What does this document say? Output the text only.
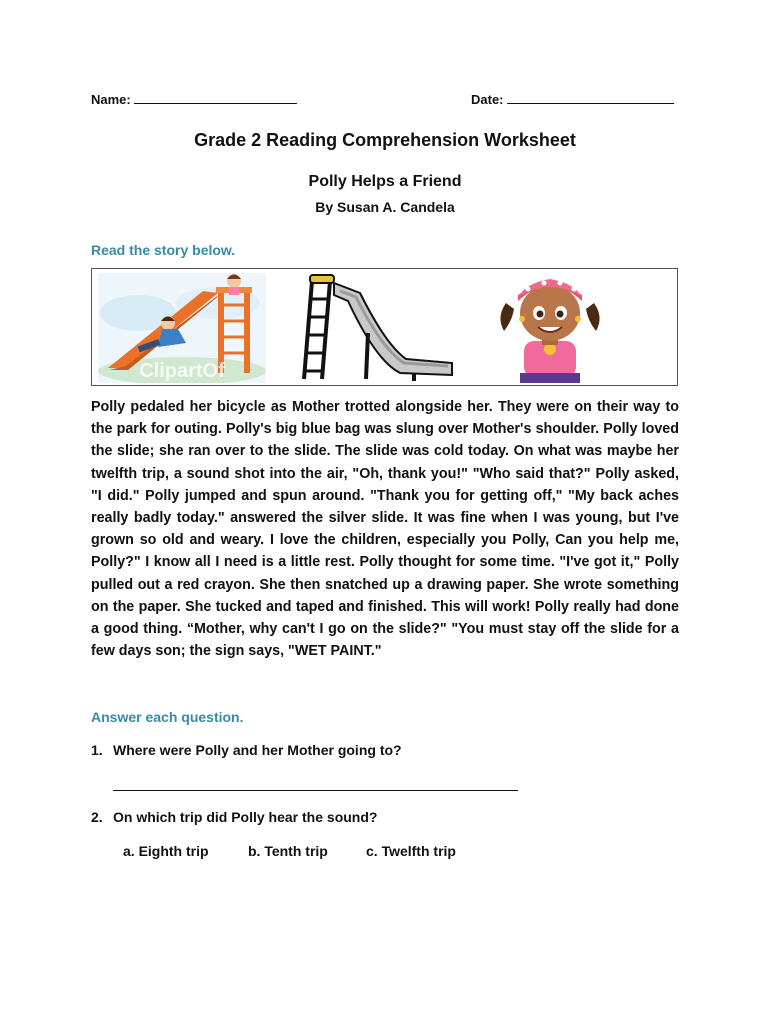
Name:	Date:
Grade 2 Reading Comprehension Worksheet
Polly Helps a Friend
By Susan A. Candela
Read the story below.
ClipartOf

Polly pedaled her bicycle as Mother trotted alongside her. They were on their way to the park for outing. Polly's big blue bag was slung over Mother's shoulder. Polly loved the slide; she ran over to the slide. The slide was cold today. On what was maybe her twelfth trip, a sound shot into the air, "Oh, thank you!" "Who said that?" Polly asked, "I did." Polly jumped and spun around. "Thank you for getting off," "My back aches really badly today." answered the silver slide. It was fine when I was young, but I've grown so old and weary. I love the children, especially you Polly, Can you help me, Polly?" I know all I need is a little rest. Polly thought for some time. "I've got it," Polly pulled out a red crayon. She then snatched up a drawing paper. She wrote something on the paper. She tucked and taped and finished. This will work! Polly really had done a good thing. “Mother, why can't I go on the slide?" "You must stay off the slide for a few days son; the sign says, "WET PAINT."

Answer each question.
1. Where were Polly and her Mother going to?
2. On which trip did Polly hear the sound?
a. Eighth trip	b. Tenth trip	c. Twelfth trip
